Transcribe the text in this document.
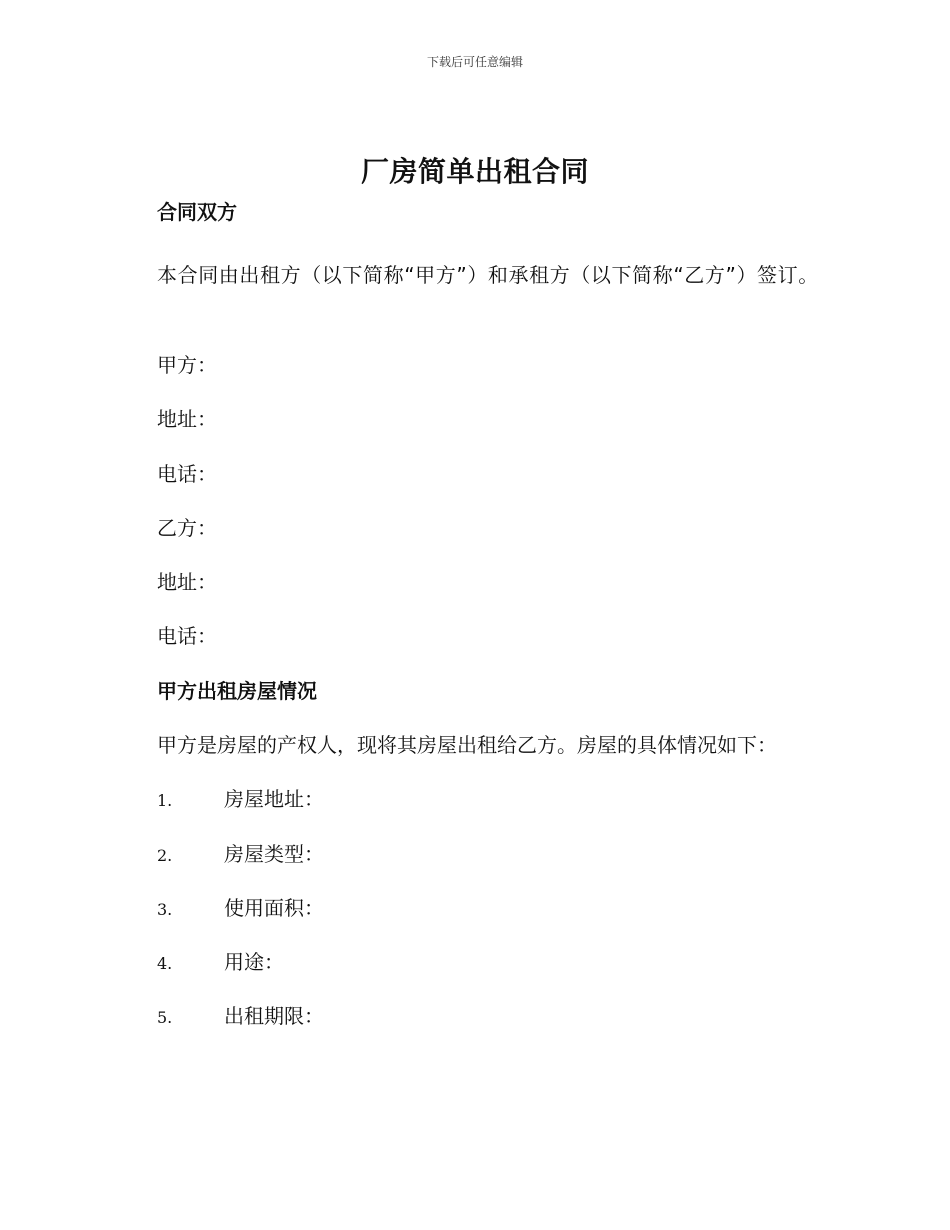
下载后可任意编辑
厂房简单出租合同
合同双方
本合同由出租方（以下简称“甲方”）和承租方（以下简称“乙方”）签订。
甲方：
地址：
电话：
乙方：
地址：
电话：
甲方出租房屋情况
甲方是房屋的产权人，现将其房屋出租给乙方。房屋的具体情况如下：
1.	房屋地址：
2.	房屋类型：
3.	使用面积：
4.	用途：
5.	出租期限：
